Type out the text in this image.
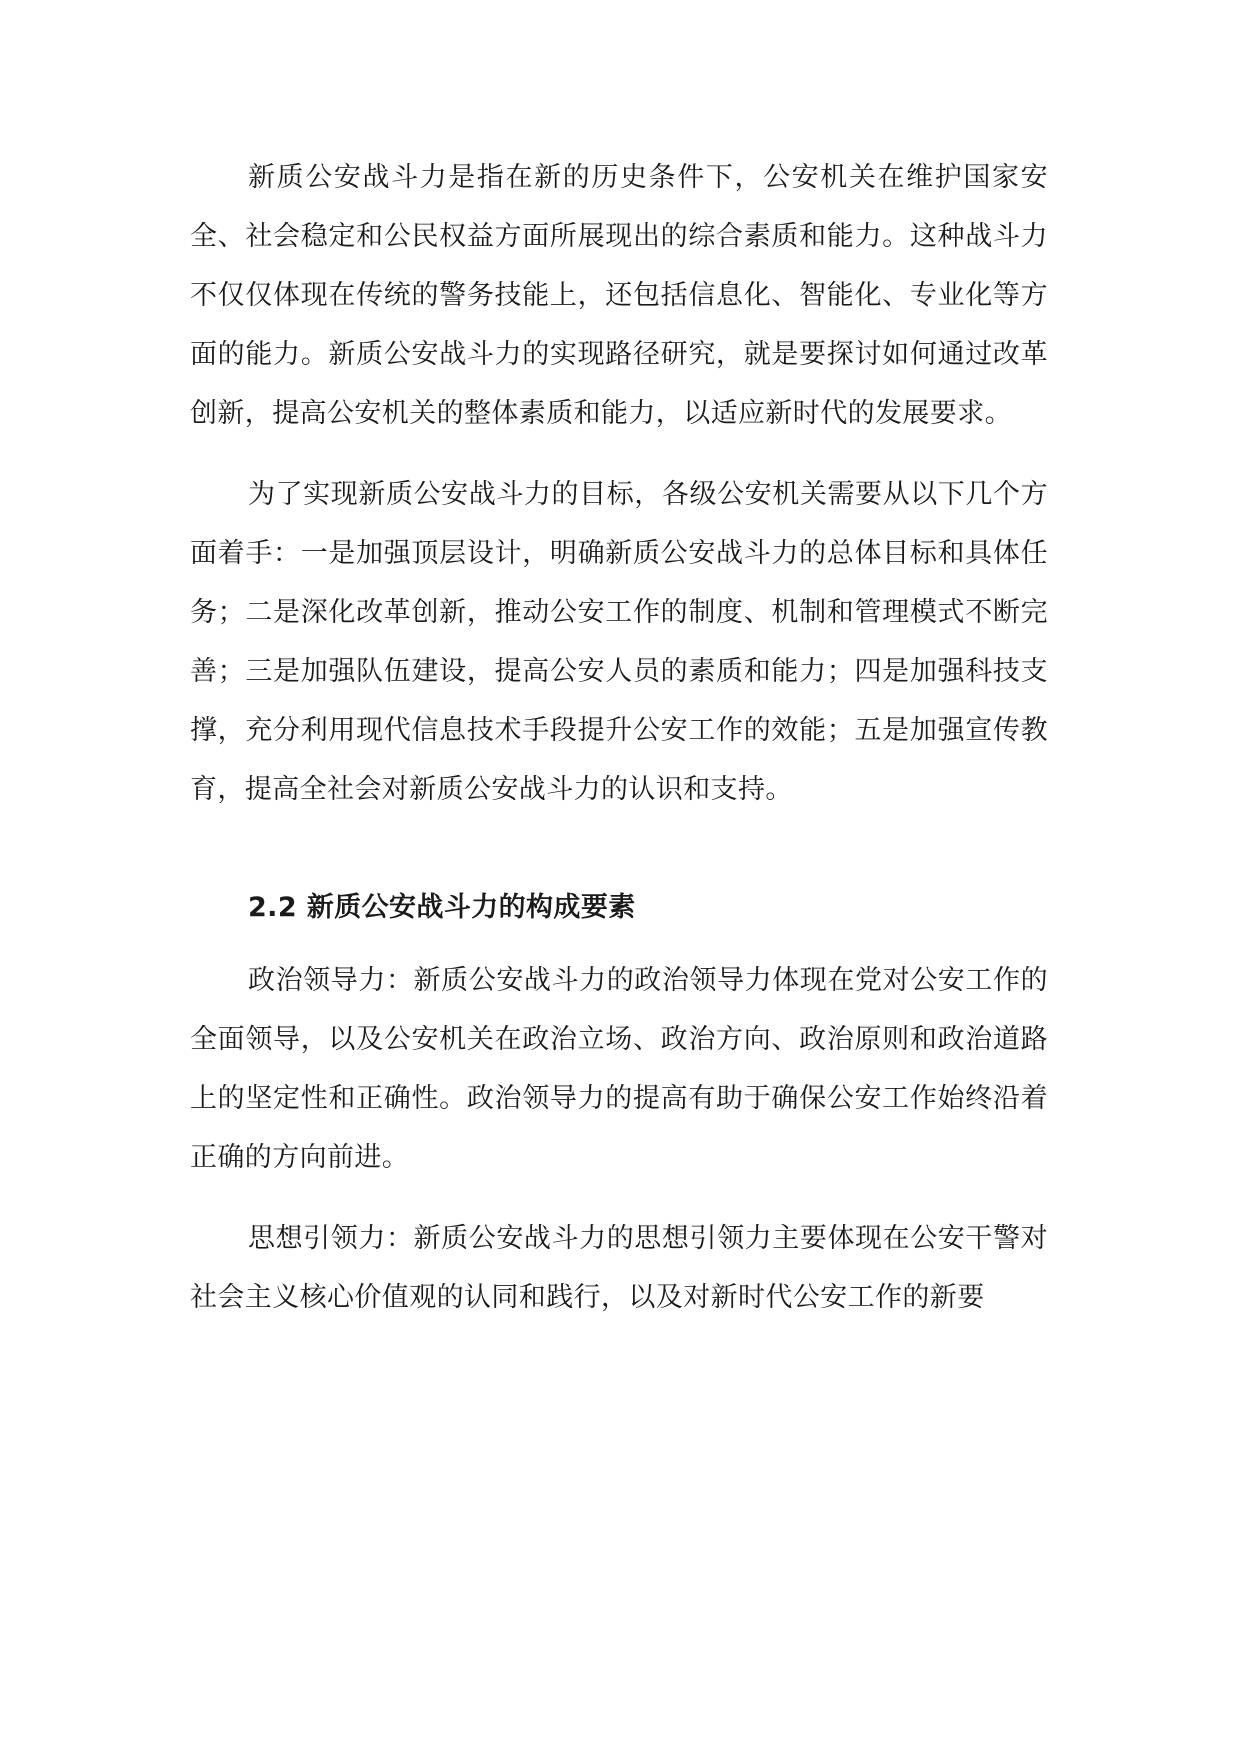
新质公安战斗力是指在新的历史条件下，公安机关在维护国家安全、社会稳定和公民权益方面所展现出的综合素质和能力。这种战斗力不仅仅体现在传统的警务技能上，还包括信息化、智能化、专业化等方面的能力。新质公安战斗力的实现路径研究，就是要探讨如何通过改革创新，提高公安机关的整体素质和能力，以适应新时代的发展要求。

为了实现新质公安战斗力的目标，各级公安机关需要从以下几个方面着手：一是加强顶层设计，明确新质公安战斗力的总体目标和具体任务；二是深化改革创新，推动公安工作的制度、机制和管理模式不断完善；三是加强队伍建设，提高公安人员的素质和能力；四是加强科技支撑，充分利用现代信息技术手段提升公安工作的效能；五是加强宣传教育，提高全社会对新质公安战斗力的认识和支持。

2.2 新质公安战斗力的构成要素

政治领导力：新质公安战斗力的政治领导力体现在党对公安工作的全面领导，以及公安机关在政治立场、政治方向、政治原则和政治道路上的坚定性和正确性。政治领导力的提高有助于确保公安工作始终沿着正确的方向前进。

思想引领力：新质公安战斗力的思想引领力主要体现在公安干警对社会主义核心价值观的认同和践行，以及对新时代公安工作的新要
